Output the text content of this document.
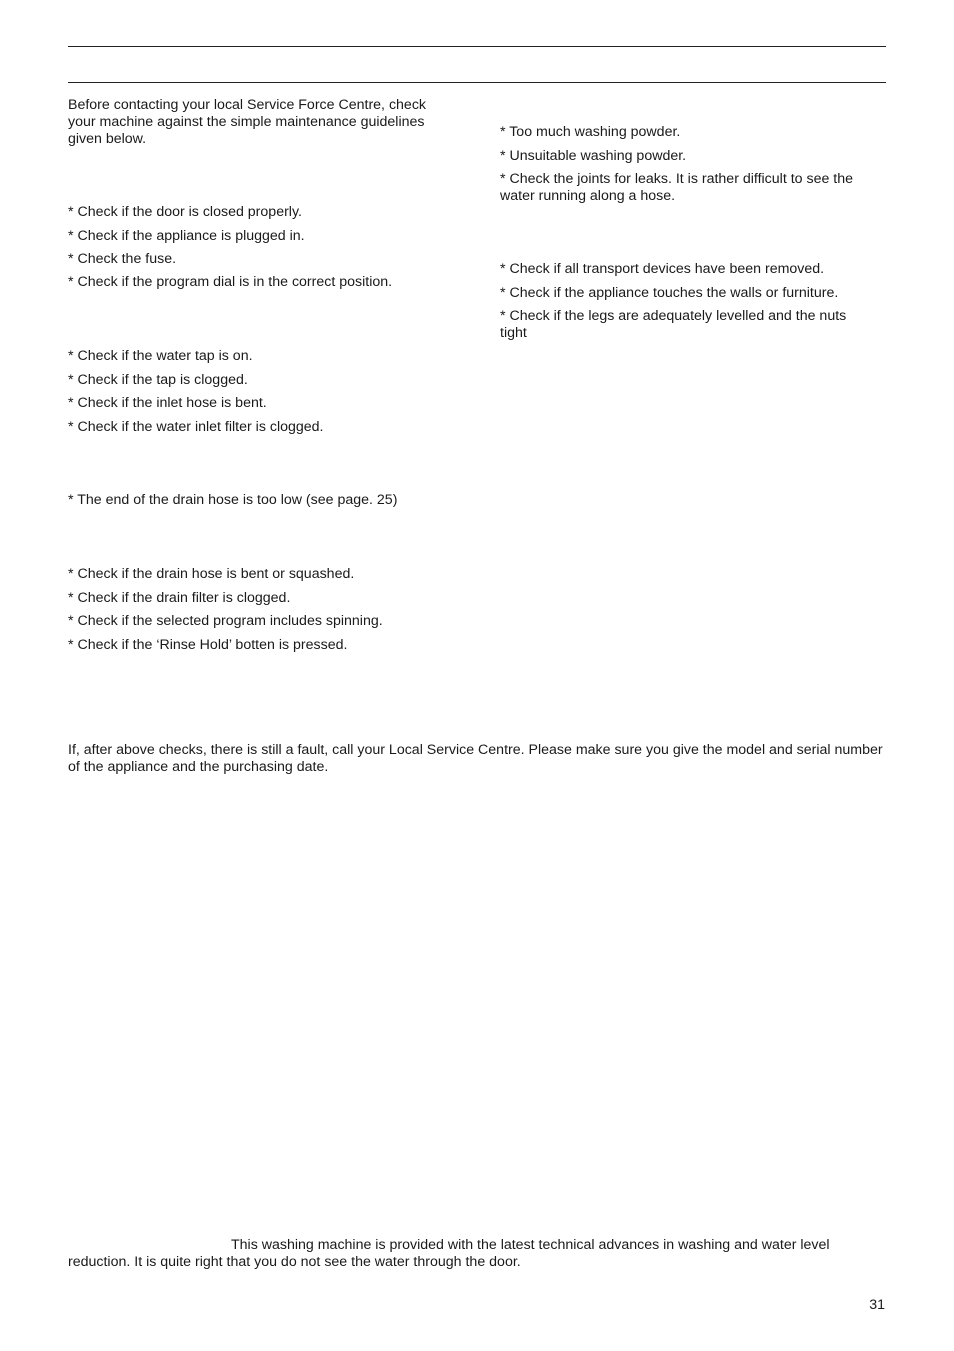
Before contacting your local Service Force Centre, check your machine against the simple maintenance guidelines given below.

* Check if the door is closed properly.

* Check if the appliance is plugged in.

* Check the fuse.

* Check if the program dial is in the correct position.

* Check if the water tap is on.

* Check if the tap is clogged.

* Check if the inlet hose is bent.

* Check if the water inlet filter is clogged.

* The end of the drain hose is too low (see page. 25)

* Check if the drain hose is bent or squashed.

* Check if the drain filter is clogged.

* Check if the selected program includes spinning.

* Check if the ‘Rinse Hold’ botten is pressed.

* Too much washing powder.

* Unsuitable washing powder.

* Check the joints for leaks. It is rather difficult to see the water running along a hose.

* Check if all transport devices have been removed.

* Check if the appliance touches the walls or furniture.

* Check if the legs are adequately levelled and the nuts tight

If, after above checks, there is still a fault, call your Local Service Centre. Please make sure you give the model and serial number of the appliance and the purchasing date.

This washing machine is provided with the latest technical advances in washing and water level reduction. It is quite right that you do not see the water through the door.

31
